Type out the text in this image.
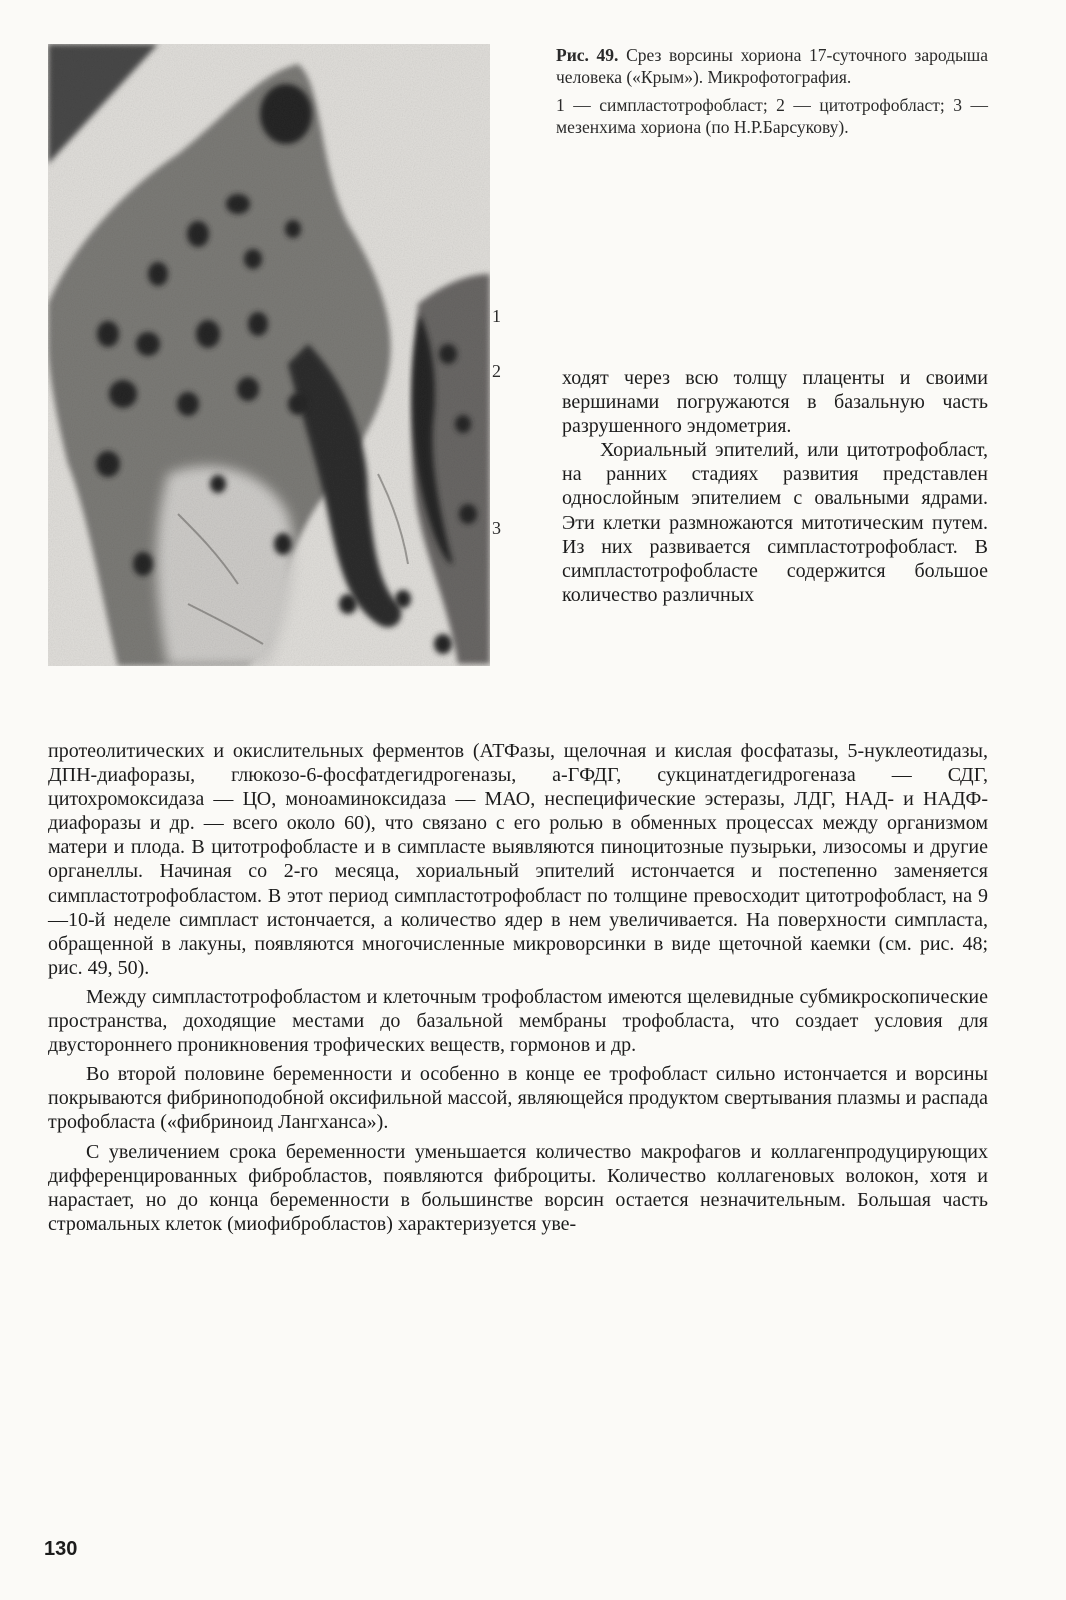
1
2
3

Рис. 49. Срез ворсины хориона 17-суточного зародыша человека («Крым»). Микрофотография.

1 — симпластотрофобласт; 2 — цитотрофобласт; 3 — мезенхима хориона (по Н.Р.Барсукову).

ходят через всю толщу плаценты и своими вершинами погружаются в базальную часть разрушенного эндометрия.

Хориальный эпителий, или цитотрофобласт, на ранних стадиях развития представлен однослойным эпителием с овальными ядрами. Эти клетки размножаются митотическим путем. Из них развивается симпластотрофобласт. В симпластотрофобласте содержится большое количество различных

протеолитических и окислительных ферментов (АТФазы, щелочная и кислая фосфатазы, 5-нуклеотидазы, ДПН-диафоразы, глюкозо-6-фосфатдегидрогеназы, а-ГФДГ, сукцинатдегидрогеназа — СДГ, цитохромоксидаза — ЦО, моноаминоксидаза — МАО, неспецифические эстеразы, ЛДГ, НАД- и НАДФ-диафоразы и др. — всего около 60), что связано с его ролью в обменных процессах между организмом матери и плода. В цитотрофобласте и в симпласте выявляются пиноцитозные пузырьки, лизосомы и другие органеллы. Начиная со 2-го месяца, хориальный эпителий истончается и постепенно заменяется симпластотрофобластом. В этот период симпластотрофобласт по толщине превосходит цитотрофобласт, на 9—10-й неделе симпласт истончается, а количество ядер в нем увеличивается. На поверхности симпласта, обращенной в лакуны, появляются многочисленные микроворсинки в виде щеточной каемки (см. рис. 48; рис. 49, 50).

Между симпластотрофобластом и клеточным трофобластом имеются щелевидные субмикроскопические пространства, доходящие местами до базальной мембраны трофобласта, что создает условия для двустороннего проникновения трофических веществ, гормонов и др.

Во второй половине беременности и особенно в конце ее трофобласт сильно истончается и ворсины покрываются фибриноподобной оксифильной массой, являющейся продуктом свертывания плазмы и распада трофобласта («фибриноид Лангханса»).

С увеличением срока беременности уменьшается количество макрофагов и коллагенпродуцирующих дифференцированных фибробластов, появляются фиброциты. Количество коллагеновых волокон, хотя и нарастает, но до конца беременности в большинстве ворсин остается незначительным. Большая часть стромальных клеток (миофибробластов) характеризуется уве-

130
